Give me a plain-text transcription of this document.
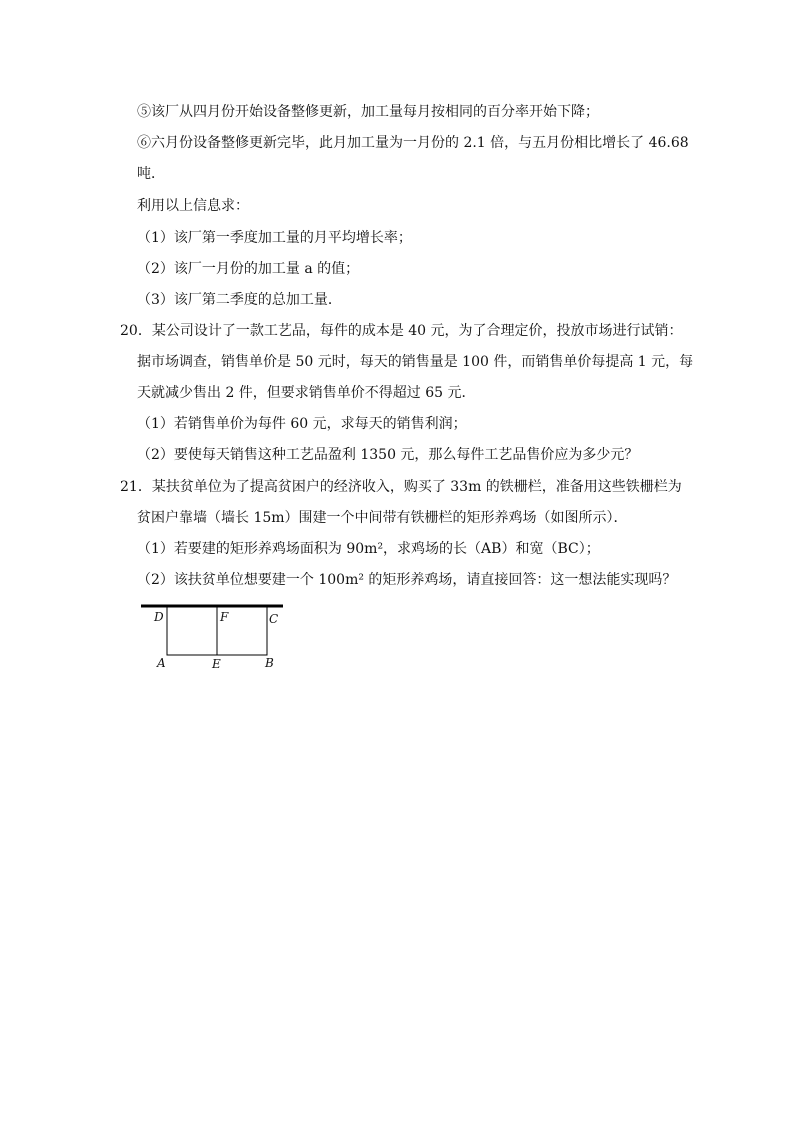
⑤该厂从四月份开始设备整修更新，加工量每月按相同的百分率开始下降；
⑥六月份设备整修更新完毕，此月加工量为一月份的 2.1 倍，与五月份相比增长了 46.68
吨．
利用以上信息求：
（1）该厂第一季度加工量的月平均增长率；
（2）该厂一月份的加工量 a 的值；
（3）该厂第二季度的总加工量．
20．某公司设计了一款工艺品，每件的成本是 40 元，为了合理定价，投放市场进行试销：
据市场调查，销售单价是 50 元时，每天的销售量是 100 件，而销售单价每提高 1 元，每
天就减少售出 2 件，但要求销售单价不得超过 65 元．
（1）若销售单价为每件 60 元，求每天的销售利润；
（2）要使每天销售这种工艺品盈利 1350 元，那么每件工艺品售价应为多少元？
21．某扶贫单位为了提高贫困户的经济收入，购买了 33m 的铁栅栏，准备用这些铁栅栏为
贫困户靠墙（墙长 15m）围建一个中间带有铁栅栏的矩形养鸡场（如图所示）．
（1）若要建的矩形养鸡场面积为 90m²，求鸡场的长（AB）和宽（BC）；
（2）该扶贫单位想要建一个 100m² 的矩形养鸡场，请直接回答：这一想法能实现吗？
D	F	C
A	E	B
